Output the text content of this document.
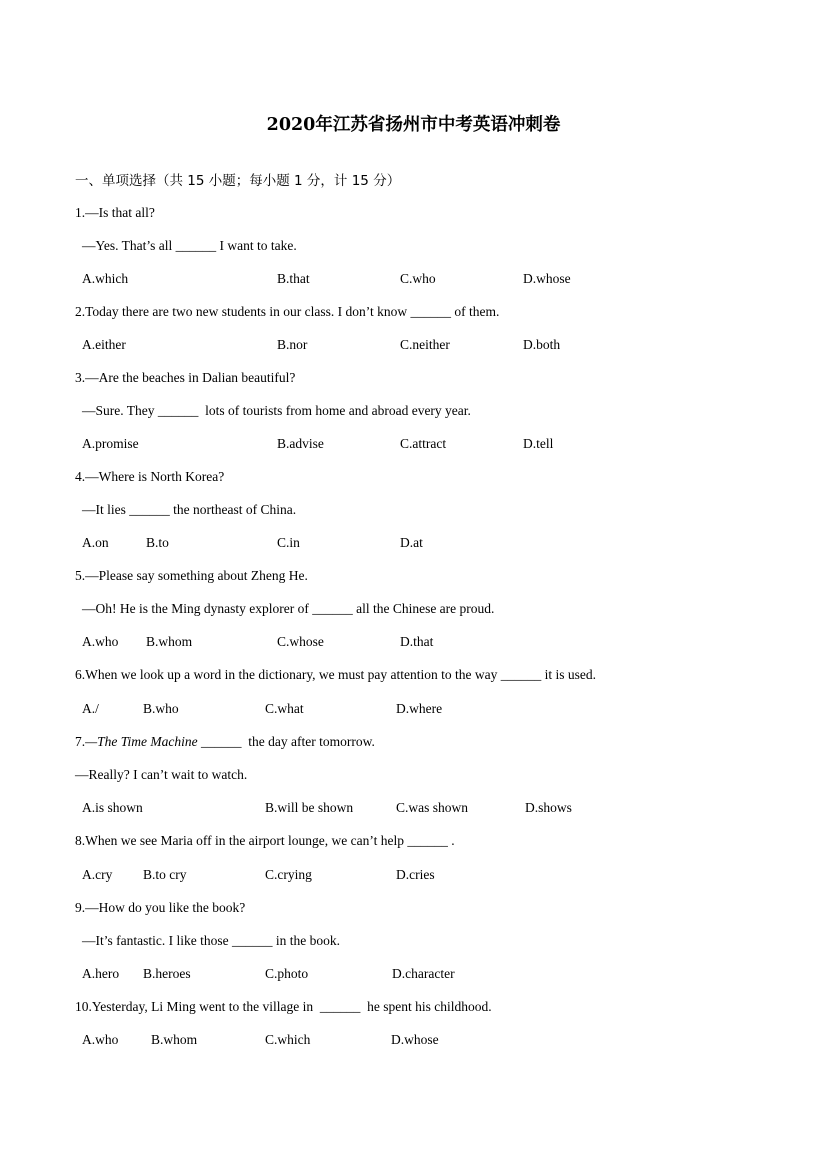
2020年江苏省扬州市中考英语冲刺卷
一、单项选择（共 15 小题；每小题 1 分，计 15 分）
1.—Is that all?
—Yes. That’s all ______ I want to take.
A.which	B.that	C.who	D.whose
2.Today there are two new students in our class. I don’t know ______ of them.
A.either	B.nor	C.neither	D.both
3.—Are the beaches in Dalian beautiful?
—Sure. They ______  lots of tourists from home and abroad every year.
A.promise	B.advise	C.attract	D.tell
4.—Where is North Korea?
—It lies ______ the northeast of China.
A.on	B.to	C.in	D.at
5.—Please say something about Zheng He.
—Oh! He is the Ming dynasty explorer of ______ all the Chinese are proud.
A.who B.whom	C.whose	D.that
6.When we look up a word in the dictionary, we must pay attention to the way ______ it is used.
A./	B.who	C.what	D.where
7.—The Time Machine ______  the day after tomorrow.
—Really? I can’t wait to watch.
A.is shown	B.will be shown	C.was shown	D.shows
8.When we see Maria off in the airport lounge, we can’t help ______ .
A.cry B.to cry	C.crying	D.cries
9.—How do you like the book?
—It’s fantastic. I like those ______ in the book.
A.hero B.heroes	C.photo	D.character
10.Yesterday, Li Ming went to the village in  ______  he spent his childhood.
A.who B.whom	C.which	D.whose
